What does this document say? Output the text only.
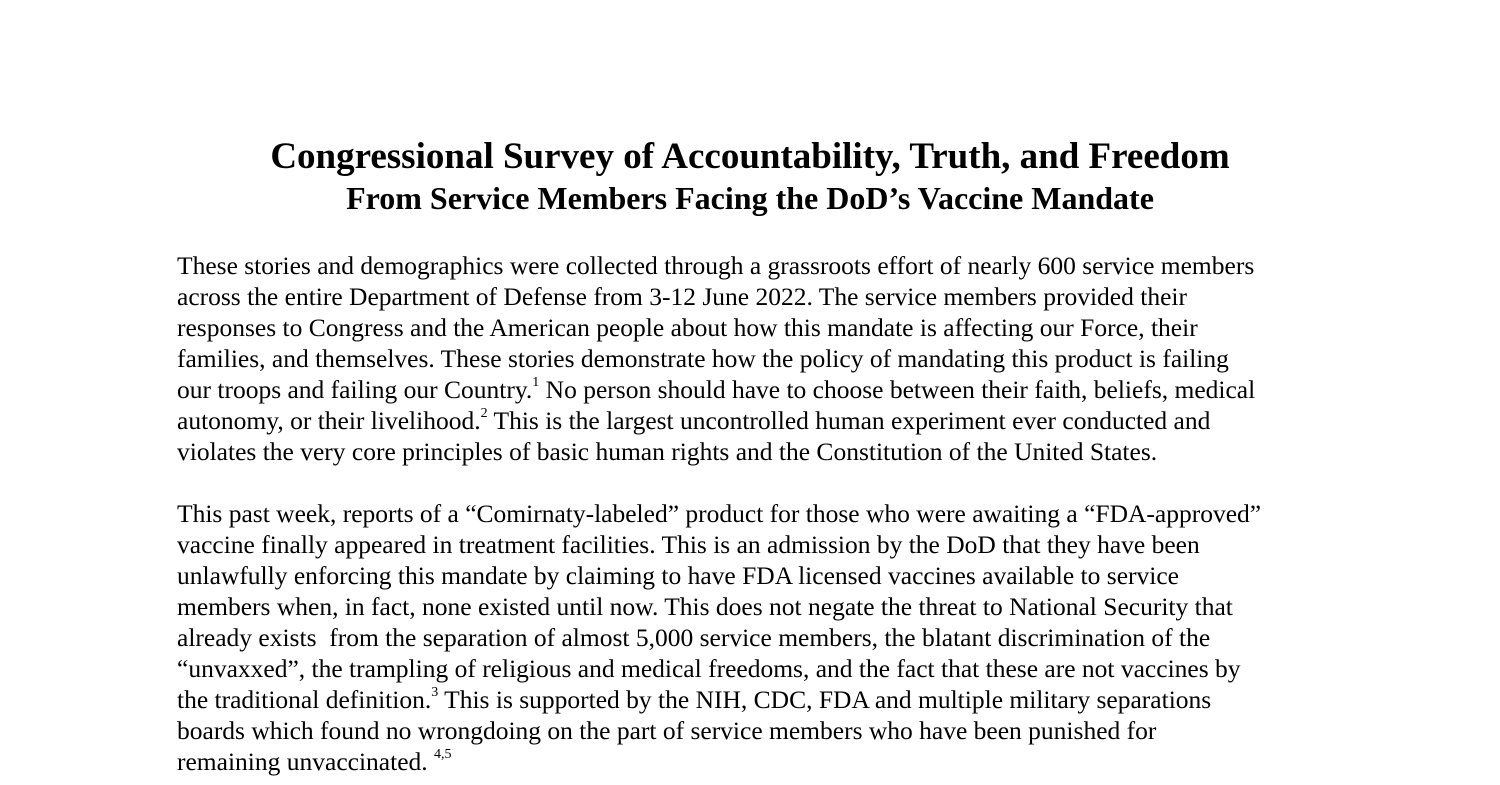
Congressional Survey of Accountability, Truth, and Freedom
From Service Members Facing the DoD’s Vaccine Mandate

These stories and demographics were collected through a grassroots effort of nearly 600 service members
across the entire Department of Defense from 3-12 June 2022. The service members provided their
responses to Congress and the American people about how this mandate is affecting our Force, their
families, and themselves. These stories demonstrate how the policy of mandating this product is failing
our troops and failing our Country.$^1$ No person should have to choose between their faith, beliefs, medical
autonomy, or their livelihood.$^2$ This is the largest uncontrolled human experiment ever conducted and
violates the very core principles of basic human rights and the Constitution of the United States.

This past week, reports of a “Comirnaty-labeled” product for those who were awaiting a “FDA-approved”
vaccine finally appeared in treatment facilities. This is an admission by the DoD that they have been
unlawfully enforcing this mandate by claiming to have FDA licensed vaccines available to service
members when, in fact, none existed until now. This does not negate the threat to National Security that
already exists  from the separation of almost 5,000 service members, the blatant discrimination of the
“unvaxxed”, the trampling of religious and medical freedoms, and the fact that these are not vaccines by
the traditional definition.$^3$ This is supported by the NIH, CDC, FDA and multiple military separations
boards which found no wrongdoing on the part of service members who have been punished for
remaining unvaccinated. $^{4,5}$
